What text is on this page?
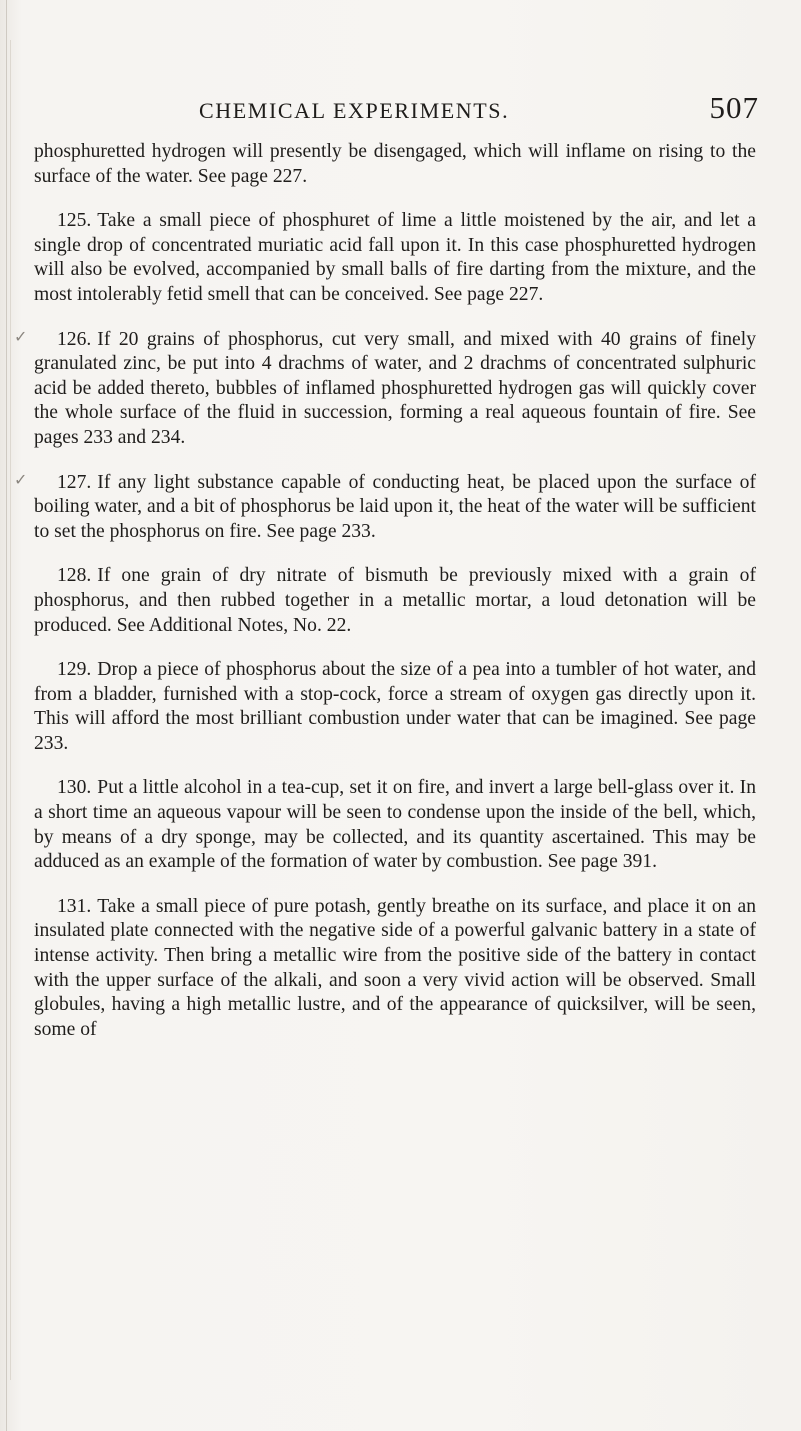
CHEMICAL EXPERIMENTS.	507
✓
✓

phosphuretted hydrogen will presently be disengaged, which will inflame on rising to the surface of the water. See page 227.

125. Take a small piece of phosphuret of lime a little moistened by the air, and let a single drop of concentrated muriatic acid fall upon it. In this case phosphuretted hydrogen will also be evolved, accompanied by small balls of fire darting from the mixture, and the most intolerably fetid smell that can be conceived. See page 227.

126. If 20 grains of phosphorus, cut very small, and mixed with 40 grains of finely granulated zinc, be put into 4 drachms of water, and 2 drachms of concentrated sulphuric acid be added thereto, bubbles of inflamed phosphuretted hydrogen gas will quickly cover the whole surface of the fluid in succession, forming a real aqueous fountain of fire. See pages 233 and 234.

127. If any light substance capable of conducting heat, be placed upon the surface of boiling water, and a bit of phosphorus be laid upon it, the heat of the water will be sufficient to set the phosphorus on fire. See page 233.

128. If one grain of dry nitrate of bismuth be previously mixed with a grain of phosphorus, and then rubbed together in a metallic mortar, a loud detonation will be produced. See Additional Notes, No. 22.

129. Drop a piece of phosphorus about the size of a pea into a tumbler of hot water, and from a bladder, furnished with a stop-cock, force a stream of oxygen gas directly upon it. This will afford the most brilliant combustion under water that can be imagined. See page 233.

130. Put a little alcohol in a tea-cup, set it on fire, and invert a large bell-glass over it. In a short time an aqueous vapour will be seen to condense upon the inside of the bell, which, by means of a dry sponge, may be collected, and its quantity ascertained. This may be adduced as an example of the formation of water by combustion. See page 391.

131. Take a small piece of pure potash, gently breathe on its surface, and place it on an insulated plate connected with the negative side of a powerful galvanic battery in a state of intense activity. Then bring a metallic wire from the positive side of the battery in contact with the upper surface of the alkali, and soon a very vivid action will be observed. Small globules, having a high metallic lustre, and of the appearance of quicksilver, will be seen, some of
